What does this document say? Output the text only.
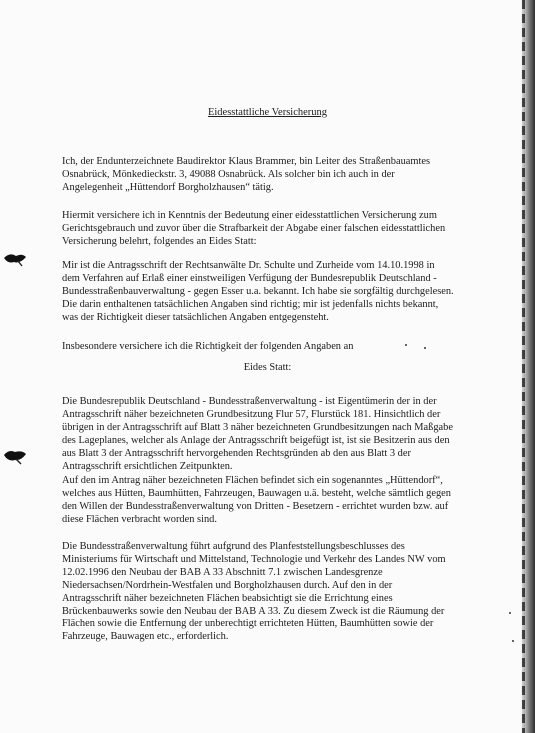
Eidesstattliche Versicherung

Ich, der Endunterzeichnete Baudirektor Klaus Brammer, bin Leiter des Straßenbauamtes
Osnabrück, Mönkedieckstr. 3, 49088 Osnabrück. Als solcher bin ich auch in der
Angelegenheit „Hüttendorf Borgholzhausen“ tätig.

Hiermit versichere ich in Kenntnis der Bedeutung einer eidesstattlichen Versicherung zum
Gerichtsgebrauch und zuvor über die Strafbarkeit der Abgabe einer falschen eidesstattlichen
Versicherung belehrt, folgendes an Eides Statt:

Mir ist die Antragsschrift der Rechtsanwälte Dr. Schulte und Zurheide vom 14.10.1998 in
dem Verfahren auf Erlaß einer einstweiligen Verfügung der Bundesrepublik Deutschland -
Bundesstraßenbauverwaltung - gegen Esser u.a. bekannt. Ich habe sie sorgfältig durchgelesen.
Die darin enthaltenen tatsächlichen Angaben sind richtig; mir ist jedenfalls nichts bekannt,
was der Richtigkeit dieser tatsächlichen Angaben entgegensteht.

Insbesondere versichere ich die Richtigkeit der folgenden Angaben an

Eides Statt:

Die Bundesrepublik Deutschland - Bundesstraßenverwaltung - ist Eigentümerin der in der
Antragsschrift näher bezeichneten Grundbesitzung Flur 57, Flurstück 181. Hinsichtlich der
übrigen in der Antragsschrift auf Blatt 3 näher bezeichneten Grundbesitzungen nach Maßgabe
des Lageplanes, welcher als Anlage der Antragsschrift beigefügt ist, ist sie Besitzerin aus den
aus Blatt 3 der Antragsschrift hervorgehenden Rechtsgründen ab den aus Blatt 3 der
Antragsschrift ersichtlichen Zeitpunkten.

Auf den im Antrag näher bezeichneten Flächen befindet sich ein sogenanntes „Hüttendorf“,
welches aus Hütten, Baumhütten, Fahrzeugen, Bauwagen u.ä. besteht, welche sämtlich gegen
den Willen der Bundesstraßenverwaltung von Dritten - Besetzern - errichtet wurden bzw. auf
diese Flächen verbracht worden sind.

Die Bundesstraßenverwaltung führt aufgrund des Planfeststellungsbeschlusses des
Ministeriums für Wirtschaft und Mittelstand, Technologie und Verkehr des Landes NW vom
12.02.1996 den Neubau der BAB A 33 Abschnitt 7.1 zwischen Landesgrenze
Niedersachsen/Nordrhein-Westfalen und Borgholzhausen durch. Auf den in der
Antragsschrift näher bezeichneten Flächen beabsichtigt sie die Errichtung eines
Brückenbauwerks sowie den Neubau der BAB A 33. Zu diesem Zweck ist die Räumung der
Flächen sowie die Entfernung der unberechtigt errichteten Hütten, Baumhütten sowie der
Fahrzeuge, Bauwagen etc., erforderlich.
